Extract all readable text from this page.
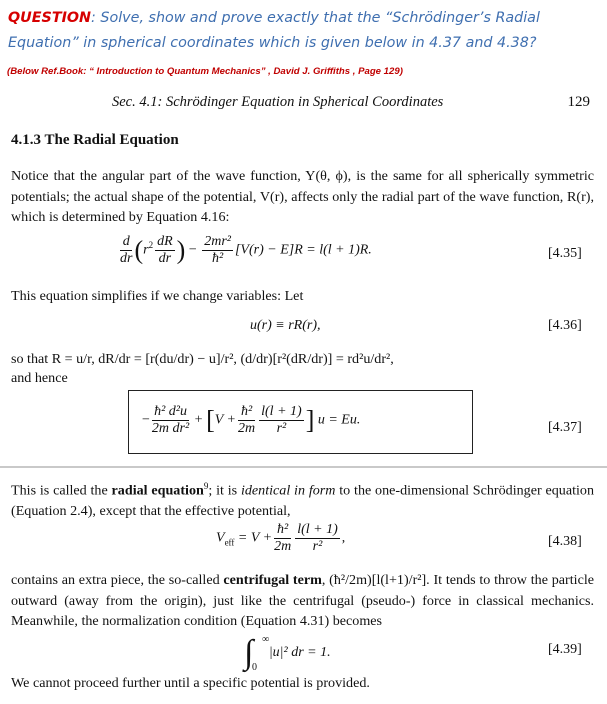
QUESTION: Solve, show and prove exactly that the “Schrödinger’s Radial Equation” in spherical coordinates which is given below in 4.37 and 4.38?
(Below Ref.Book: “ Introduction to Quantum Mechanics” , David J. Griffiths , Page 129)
Sec. 4.1: Schrödinger Equation in Spherical Coordinates	129
4.1.3 The Radial Equation
Notice that the angular part of the wave function, Y(θ, ϕ), is the same for all spherically symmetric potentials; the actual shape of the potential, V(r), affects only the radial part of the wave function, R(r), which is determined by Equation 4.16:
$\frac{d}{dr} (r^2 \frac{dR}{dr}$ ) − $\frac{\text{2mr²}}{\text{ħ²}} [V(r) - E]R = l(l + 1)R$.	[4.35]
This equation simplifies if we change variables: Let
u(r) ≡ rR(r),	[4.36]
so that R = u/r, dR/dr = [r(du/dr) − u]/r², (d/dr)[r²(dR/dr)] = rd²u/dr²,
and hence
− $\frac{\text{ħ² d²u}}{\text{2m dr²}} + [V + \frac{\text{ħ²}}{2m} \frac{l(l + 1)}{\text{r²}}$ ] u = Eu.	[4.37]
This is called the radial equation$^9$; it is identical in form to the one-dimensional Schrödinger equation (Equation 2.4), except that the effective potential,
$V_{eff} = V + \frac{\text{ħ²}}{2m} \frac{l(l + 1)}{\text{r²}}$ ,	[4.38]
contains an extra piece, the so-called centrifugal term, (ħ²/2m)[l(l+1)/r²]. It tends to throw the particle outward (away from the origin), just like the centrifugal (pseudo-) force in classical mechanics. Meanwhile, the normalization condition (Equation 4.31) becomes
∫ ∞
0
|u|² dr = 1.	[4.39]
We cannot proceed further until a specific potential is provided.
